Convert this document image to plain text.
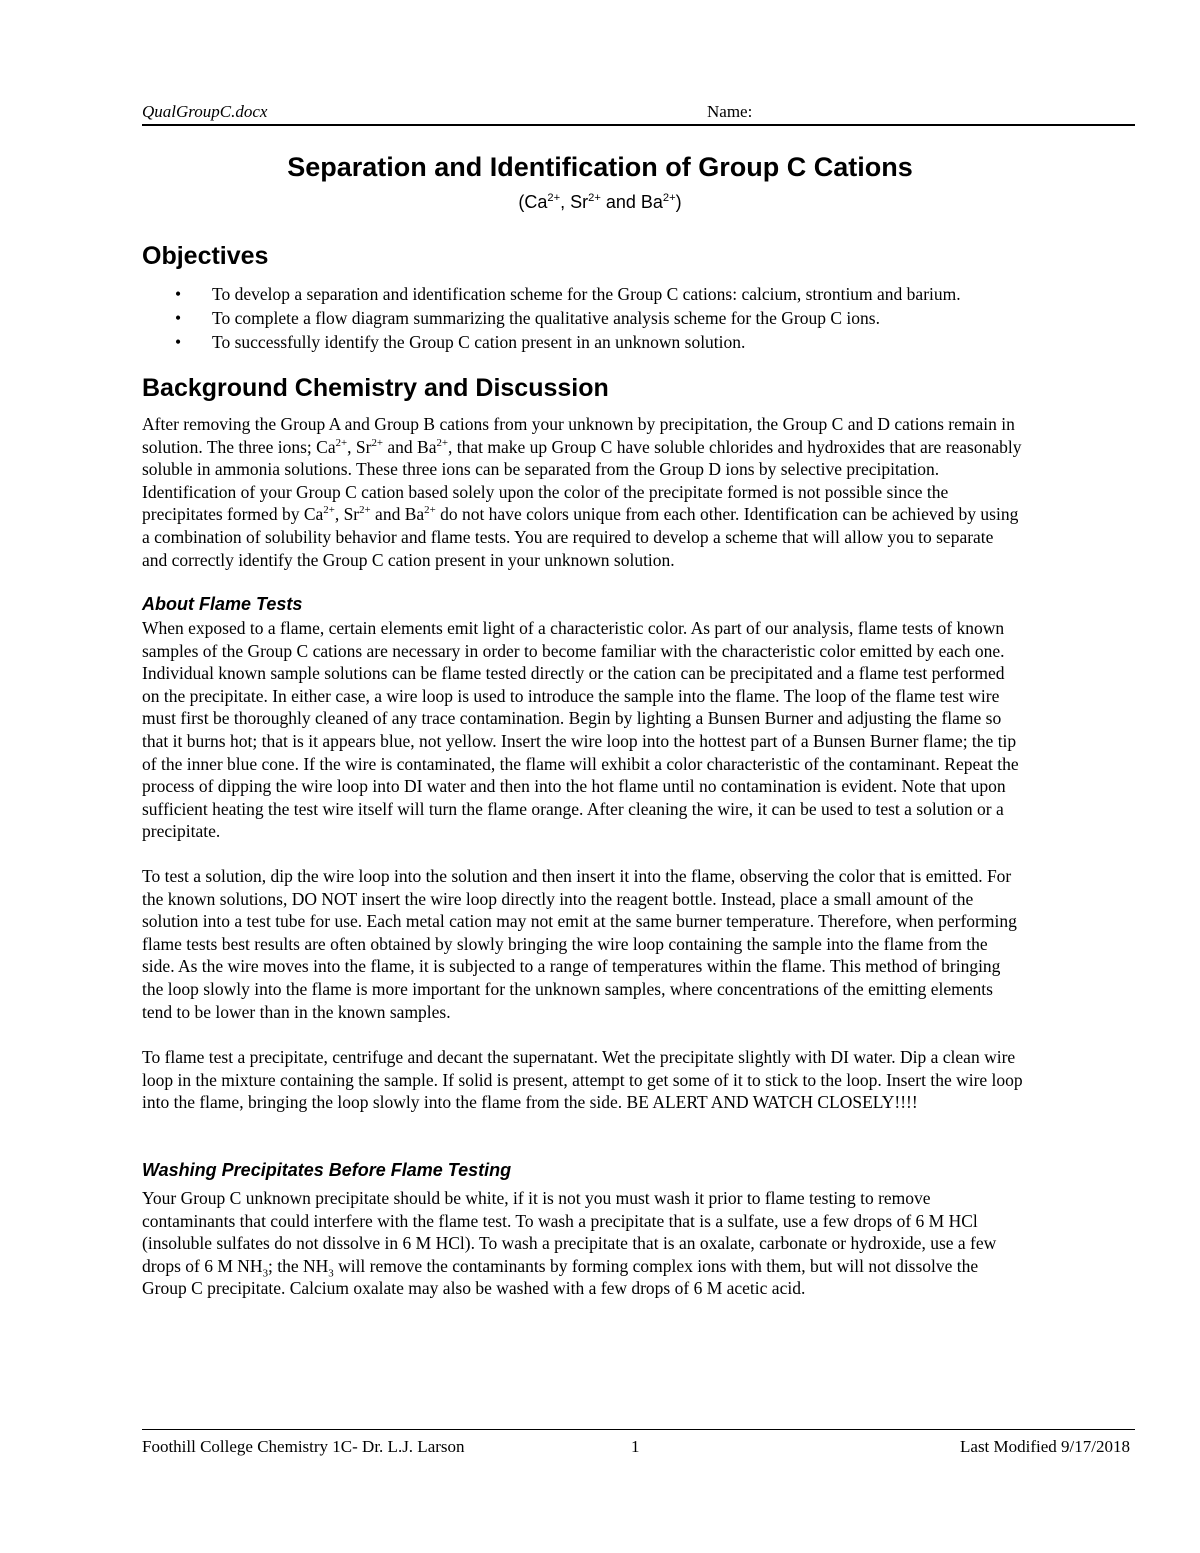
QualGroupC.docx	Name:
Separation and Identification of Group C Cations
($Ca^{2+}$, $Sr^{2+}$ and $Ba^{2+}$)
Objectives
• To develop a separation and identification scheme for the Group C cations: calcium, strontium and barium.
• To complete a flow diagram summarizing the qualitative analysis scheme for the Group C ions.
• To successfully identify the Group C cation present in an unknown solution.
Background Chemistry and Discussion
After removing the Group A and Group B cations from your unknown by precipitation, the Group C and D cations remain in
solution. The three ions; $Ca^{2+}$, $Sr^{2+}$ and $Ba^{2+}$, that make up Group C have soluble chlorides and hydroxides that are reasonably
soluble in ammonia solutions. These three ions can be separated from the Group D ions by selective precipitation.
Identification of your Group C cation based solely upon the color of the precipitate formed is not possible since the
precipitates formed by $Ca^{2+}$, $Sr^{2+}$ and $Ba^{2+}$ do not have colors unique from each other. Identification can be achieved by using
a combination of solubility behavior and flame tests. You are required to develop a scheme that will allow you to separate
and correctly identify the Group C cation present in your unknown solution.
About Flame Tests
When exposed to a flame, certain elements emit light of a characteristic color. As part of our analysis, flame tests of known
samples of the Group C cations are necessary in order to become familiar with the characteristic color emitted by each one.
Individual known sample solutions can be flame tested directly or the cation can be precipitated and a flame test performed
on the precipitate. In either case, a wire loop is used to introduce the sample into the flame. The loop of the flame test wire
must first be thoroughly cleaned of any trace contamination. Begin by lighting a Bunsen Burner and adjusting the flame so
that it burns hot; that is it appears blue, not yellow. Insert the wire loop into the hottest part of a Bunsen Burner flame; the tip
of the inner blue cone. If the wire is contaminated, the flame will exhibit a color characteristic of the contaminant. Repeat the
process of dipping the wire loop into DI water and then into the hot flame until no contamination is evident. Note that upon
sufficient heating the test wire itself will turn the flame orange. After cleaning the wire, it can be used to test a solution or a
precipitate.
To test a solution, dip the wire loop into the solution and then insert it into the flame, observing the color that is emitted. For
the known solutions, DO NOT insert the wire loop directly into the reagent bottle. Instead, place a small amount of the
solution into a test tube for use. Each metal cation may not emit at the same burner temperature. Therefore, when performing
flame tests best results are often obtained by slowly bringing the wire loop containing the sample into the flame from the
side. As the wire moves into the flame, it is subjected to a range of temperatures within the flame. This method of bringing
the loop slowly into the flame is more important for the unknown samples, where concentrations of the emitting elements
tend to be lower than in the known samples.
To flame test a precipitate, centrifuge and decant the supernatant. Wet the precipitate slightly with DI water. Dip a clean wire
loop in the mixture containing the sample. If solid is present, attempt to get some of it to stick to the loop. Insert the wire loop
into the flame, bringing the loop slowly into the flame from the side. BE ALERT AND WATCH CLOSELY!!!!
Washing Precipitates Before Flame Testing
Your Group C unknown precipitate should be white, if it is not you must wash it prior to flame testing to remove
contaminants that could interfere with the flame test. To wash a precipitate that is a sulfate, use a few drops of 6 M HCl
(insoluble sulfates do not dissolve in 6 M HCl). To wash a precipitate that is an oxalate, carbonate or hydroxide, use a few
drops of 6 M $NH_3$; the $NH_3$ will remove the contaminants by forming complex ions with them, but will not dissolve the
Group C precipitate. Calcium oxalate may also be washed with a few drops of 6 M acetic acid.
Foothill College Chemistry 1C- Dr. L.J. Larson	1	Last Modified 9/17/2018
